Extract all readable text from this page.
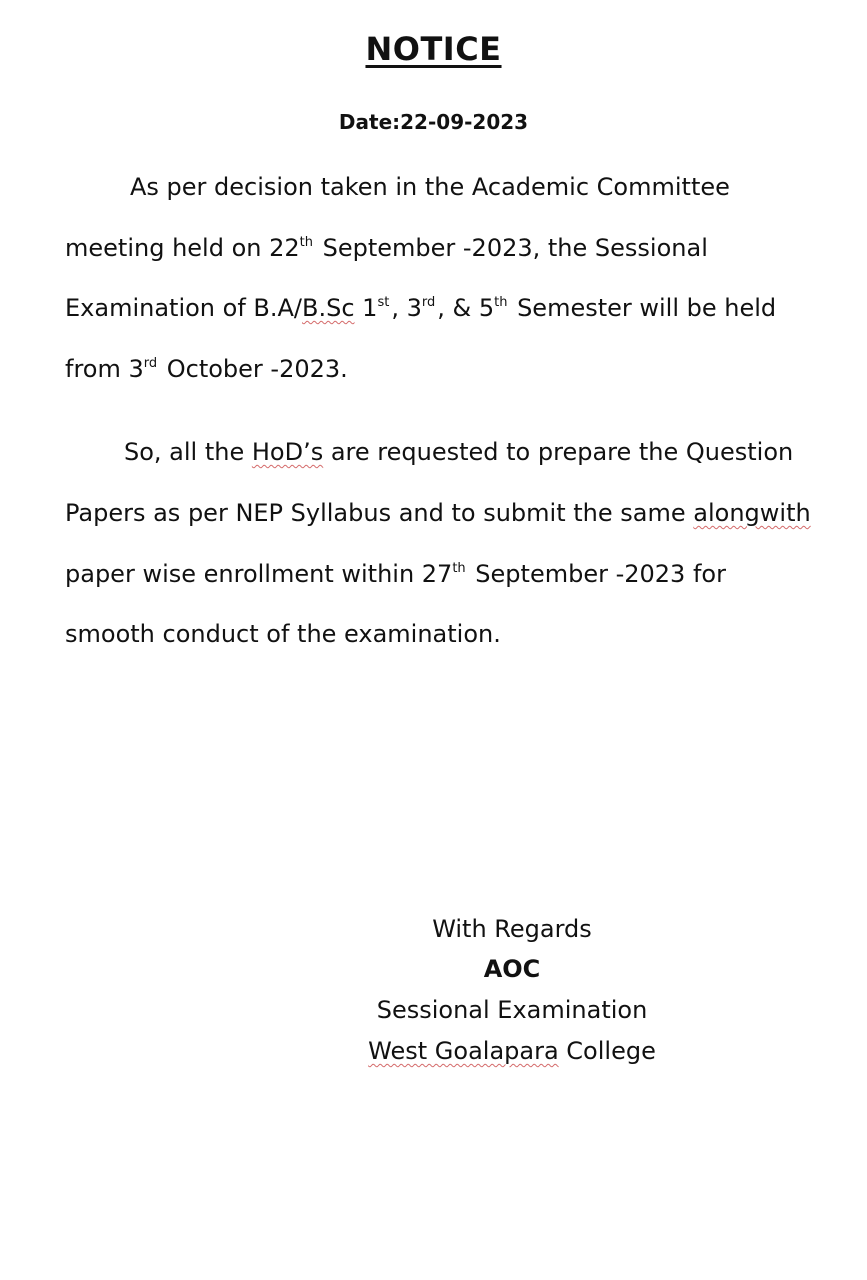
NOTICE
Date:22-09-2023
As per decision taken in the Academic Committee
meeting held on 22th September -2023, the Sessional
Examination of B.A/B.Sc 1st, 3rd, & 5th Semester will be held
from 3rd October -2023.
So, all the HoD’s are requested to prepare the Question
Papers as per NEP Syllabus and to submit the same alongwith
paper wise enrollment within 27th September -2023 for
smooth conduct of the examination.
With Regards
AOC
Sessional Examination
West Goalapara College
